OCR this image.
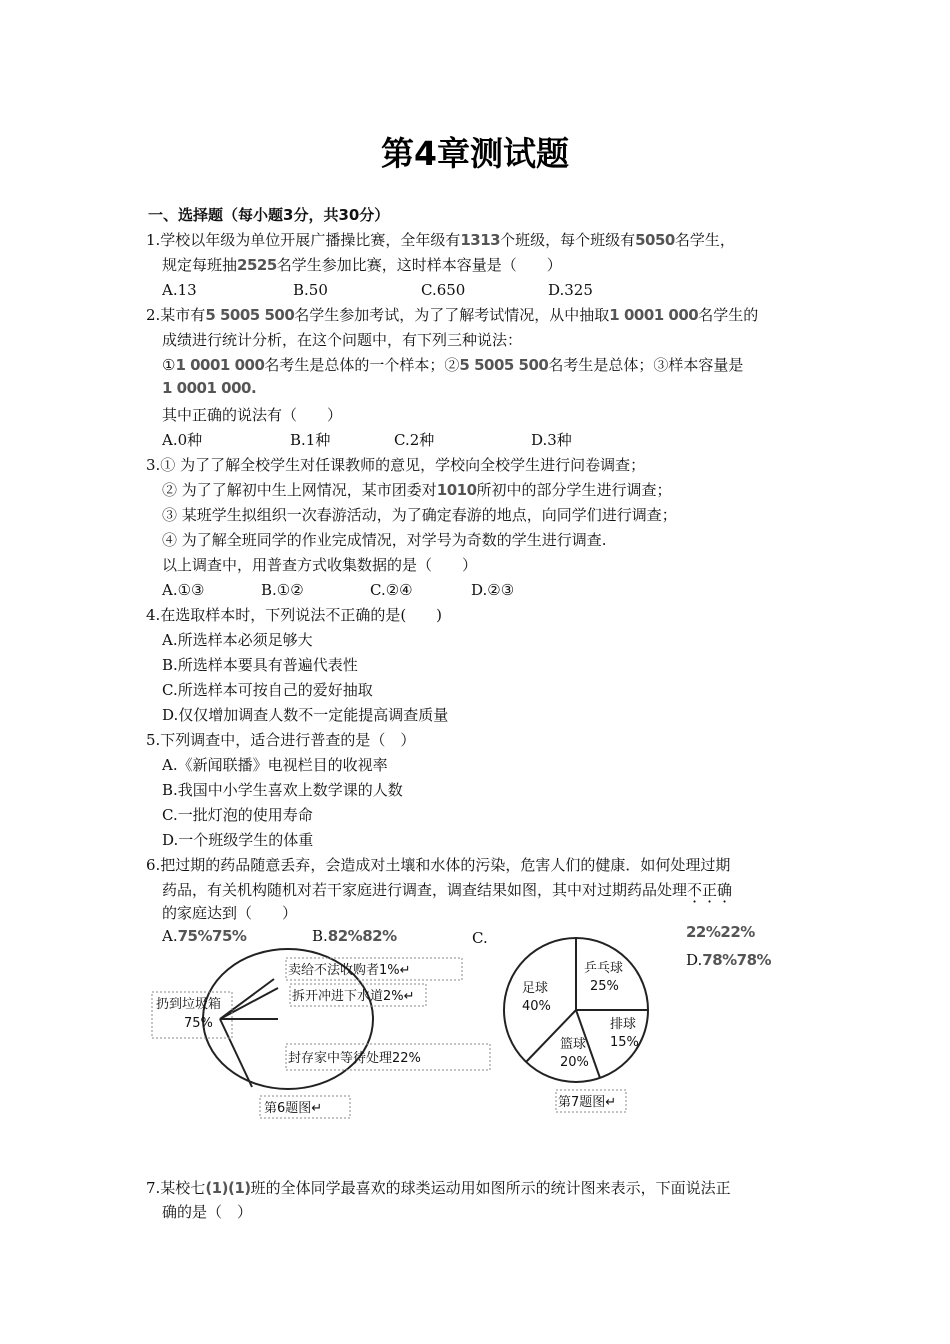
第4章测试题
一、选择题（每小题3分，共30分）
1.学校以年级为单位开展广播操比赛，全年级有1313个班级，每个班级有5050名学生，
规定每班抽2525名学生参加比赛，这时样本容量是（　　）
A.13	B.50	C.650	D.325
2.某市有5 5005 500名学生参加考试，为了了解考试情况，从中抽取1 0001 000名学生的
成绩进行统计分析，在这个问题中，有下列三种说法：
①1 0001 000名考生是总体的一个样本；②5 5005 500名考生是总体；③样本容量是
1 0001 000.
其中正确的说法有（　　）
A.0种	B.1种	C.2种	D.3种
3.① 为了了解全校学生对任课教师的意见，学校向全校学生进行问卷调查；
② 为了了解初中生上网情况，某市团委对1010所初中的部分学生进行调查；
③ 某班学生拟组织一次春游活动，为了确定春游的地点，向同学们进行调查；
④ 为了解全班同学的作业完成情况，对学号为奇数的学生进行调查.
以上调查中，用普查方式收集数据的是（　　）
A.①③	B.①②	C.②④	D.②③
4.在选取样本时，下列说法不正确的是(　　)
A.所选样本必须足够大
B.所选样本要具有普遍代表性
C.所选样本可按自己的爱好抽取
D.仅仅增加调查人数不一定能提高调查质量
5.下列调查中，适合进行普查的是（　）
A.《新闻联播》电视栏目的收视率
B.我国中小学生喜欢上数学课的人数
C.一批灯泡的使用寿命
D.一个班级学生的体重
6.把过期的药品随意丢弃，会造成对土壤和水体的污染，危害人们的健康．如何处理过期
药品，有关机构随机对若干家庭进行调查，调查结果如图，其中对过期药品处理不正确
的家庭达到（　　）
A.75%75%	B.82%82%	C.	22%22%
D.78%78%
扔到垃圾箱
75%
卖给不法收购者1%↵
拆开冲进下水道2%↵
封存家中等待处理22%
第6题图↵
足球
40%
乒乓球
25%
排球
15%
篮球
20%
第7题图↵
7.某校七(1)(1)班的全体同学最喜欢的球类运动用如图所示的统计图来表示，下面说法正
确的是（　）
